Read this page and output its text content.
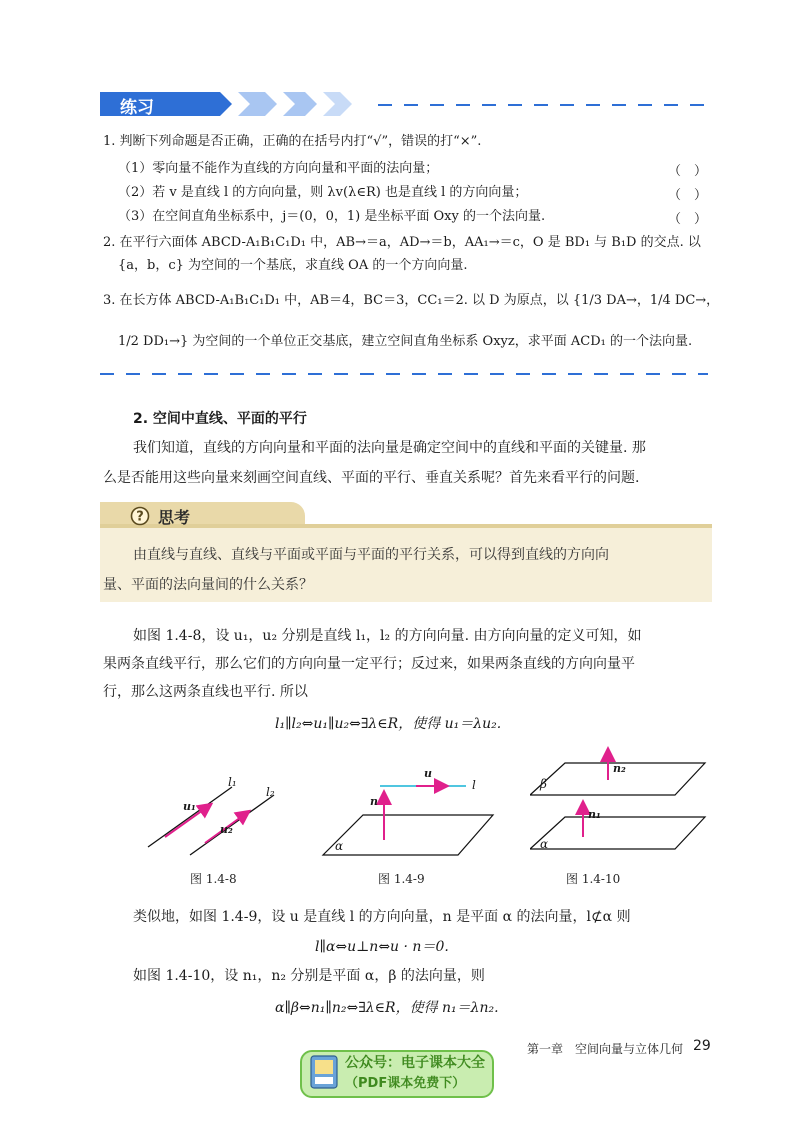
练习
1. 判断下列命题是否正确，正确的在括号内打“√”，错误的打“×”.
（1）零向量不能作为直线的方向向量和平面的法向量；	（　）
（2）若 v 是直线 l 的方向向量，则 λv(λ∈R) 也是直线 l 的方向向量；	（　）
（3）在空间直角坐标系中，j＝(0，0，1) 是坐标平面 Oxy 的一个法向量.	（　）
2. 在平行六面体 ABCD-A₁B₁C₁D₁ 中，AB→＝a，AD→＝b，AA₁→＝c，O 是 BD₁ 与 B₁D 的交点. 以
{a，b，c} 为空间的一个基底，求直线 OA 的一个方向向量.
3. 在长方体 ABCD-A₁B₁C₁D₁ 中，AB＝4，BC＝3，CC₁＝2. 以 D 为原点，以 {1/3 DA→，1/4 DC→，
1/2 DD₁→} 为空间的一个单位正交基底，建立空间直角坐标系 Oxyz，求平面 ACD₁ 的一个法向量.
2. 空间中直线、平面的平行
我们知道，直线的方向向量和平面的法向量是确定空间中的直线和平面的关键量. 那
么是否能用这些向量来刻画空间直线、平面的平行、垂直关系呢？首先来看平行的问题.
? 思考
由直线与直线、直线与平面或平面与平面的平行关系，可以得到直线的方向向
量、平面的法向量间的什么关系？
如图 1.4-8，设 u₁，u₂ 分别是直线 l₁，l₂ 的方向向量. 由方向向量的定义可知，如
果两条直线平行，那么它们的方向向量一定平行；反过来，如果两条直线的方向向量平
行，那么这两条直线也平行. 所以
l₁∥l₂⇔u₁∥u₂⇔∃λ∈R，使得 u₁＝λu₂.
l₁
l₂
u₁
u₂
图 1.4-8
u
l
n
α
图 1.4-9
n₂
β
n₁
α
图 1.4-10
类似地，如图 1.4-9，设 u 是直线 l 的方向向量，n 是平面 α 的法向量，l⊄α 则
l∥α⇔u⊥n⇔u · n＝0.
如图 1.4-10，设 n₁，n₂ 分别是平面 α，β 的法向量，则
α∥β⇔n₁∥n₂⇔∃λ∈R，使得 n₁＝λn₂.
第一章　空间向量与立体几何 29
公众号：电子课本大全
（PDF课本免费下）
